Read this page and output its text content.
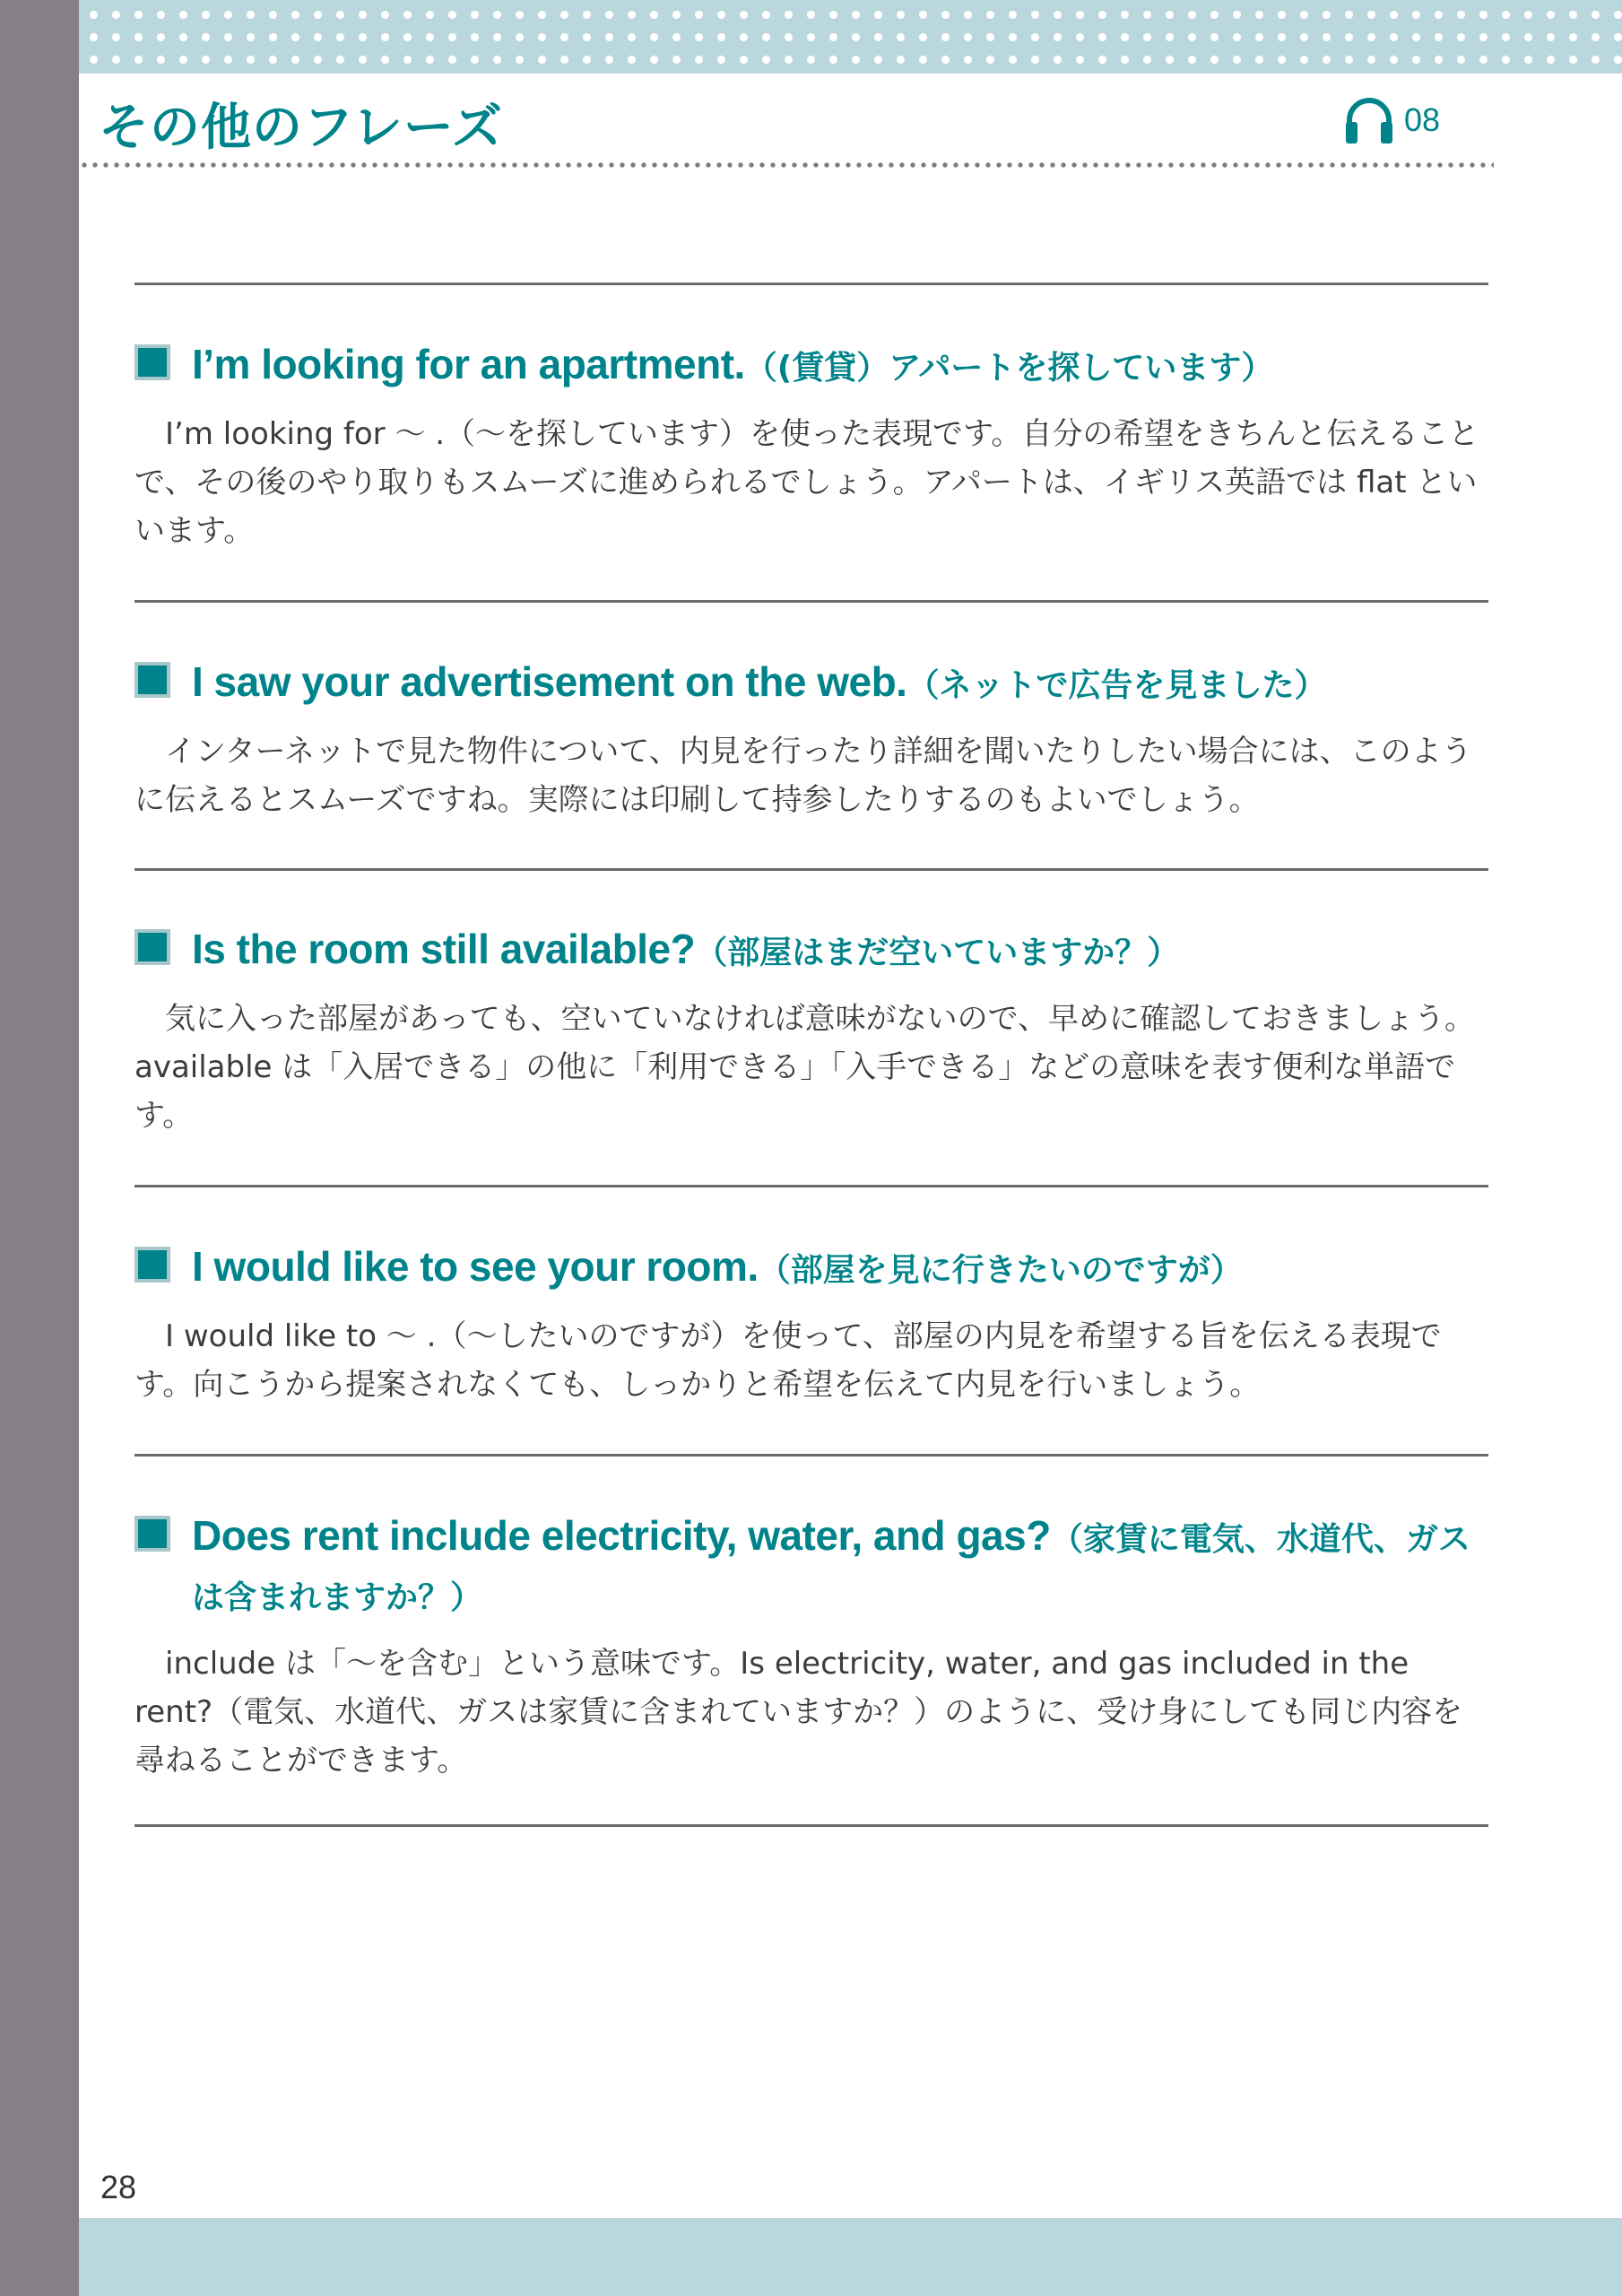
その他のフレーズ	08
I’m looking for an apartment.（(賃貸）アパートを探しています）
I’m looking for ～ .（～を探しています）を使った表現です。自分の希望をきちんと伝えることで、その後のやり取りもスムーズに進められるでしょう。アパートは、イギリス英語では flat といいます。
I saw your advertisement on the web.（ネットで広告を見ました）
インターネットで見た物件について、内見を行ったり詳細を聞いたりしたい場合には、このように伝えるとスムーズですね。実際には印刷して持参したりするのもよいでしょう。
Is the room still available?（部屋はまだ空いていますか？）
気に入った部屋があっても、空いていなければ意味がないので、早めに確認しておきましょう。available は「入居できる」の他に「利用できる」「入手できる」などの意味を表す便利な単語です。
I would like to see your room.（部屋を見に行きたいのですが）
I would like to ～ .（～したいのですが）を使って、部屋の内見を希望する旨を伝える表現です。向こうから提案されなくても、しっかりと希望を伝えて内見を行いましょう。
Does rent include electricity, water, and gas?（家賃に電気、水道代、ガスは含まれますか？）
include は「～を含む」という意味です。Is electricity, water, and gas included in the rent?（電気、水道代、ガスは家賃に含まれていますか？）のように、受け身にしても同じ内容を尋ねることができます。
28
